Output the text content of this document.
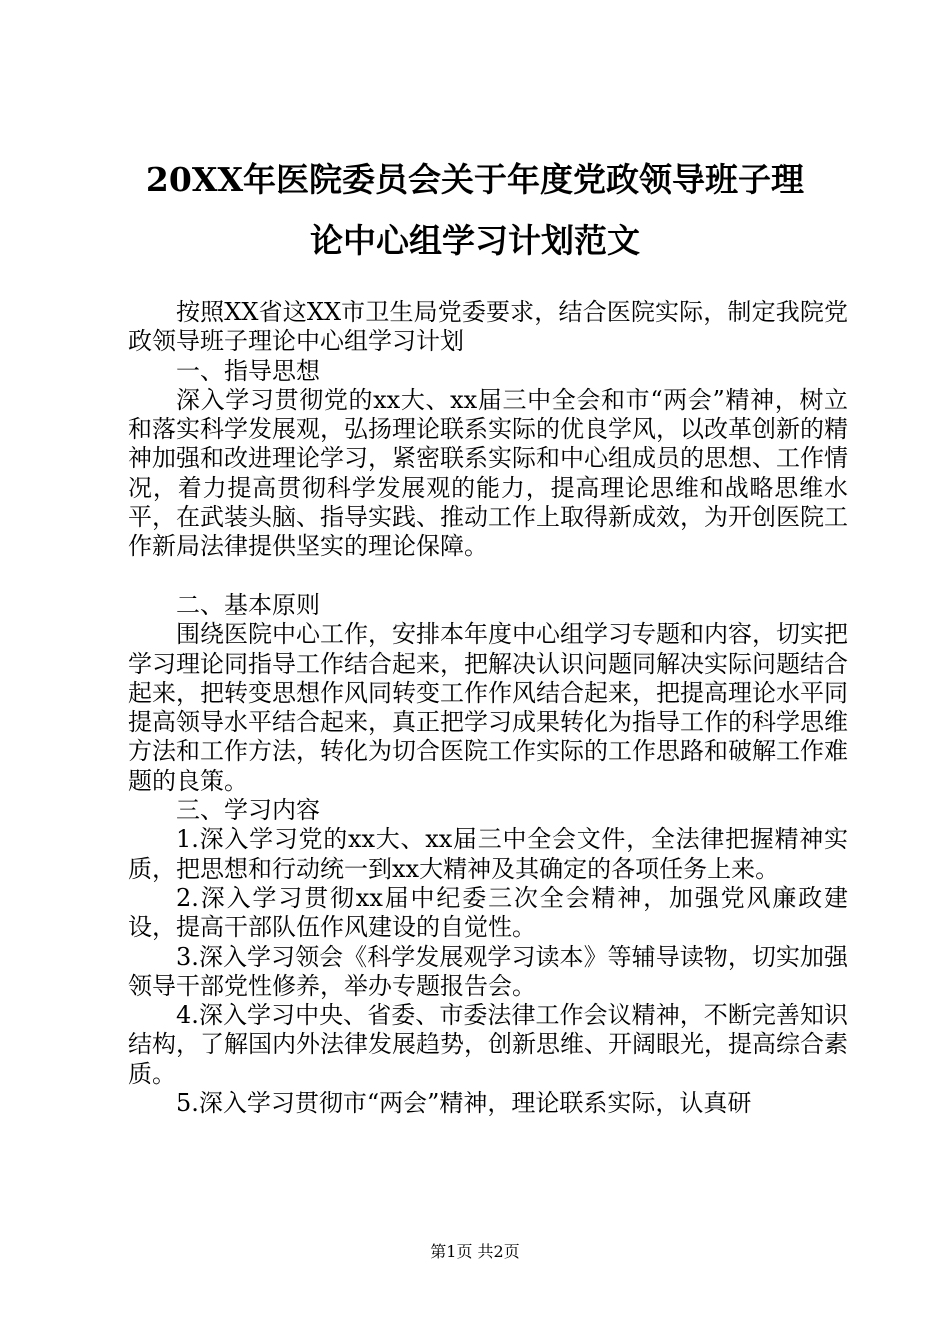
20XX年医院委员会关于年度党政领导班子理
论中心组学习计划范文

按照XX省这XX市卫生局党委要求，结合医院实际，制定我院党政领导班子理论中心组学习计划

一、指导思想

深入学习贯彻党的xx大、xx届三中全会和市“两会”精神，树立和落实科学发展观，弘扬理论联系实际的优良学风，以改革创新的精神加强和改进理论学习，紧密联系实际和中心组成员的思想、工作情况，着力提高贯彻科学发展观的能力，提高理论思维和战略思维水平，在武装头脑、指导实践、推动工作上取得新成效，为开创医院工作新局法律提供坚实的理论保障。

二、基本原则

围绕医院中心工作，安排本年度中心组学习专题和内容，切实把学习理论同指导工作结合起来，把解决认识问题同解决实际问题结合起来，把转变思想作风同转变工作作风结合起来，把提高理论水平同提高领导水平结合起来，真正把学习成果转化为指导工作的科学思维方法和工作方法，转化为切合医院工作实际的工作思路和破解工作难题的良策。

三、学习内容

1.深入学习党的xx大、xx届三中全会文件，全法律把握精神实质，把思想和行动统一到xx大精神及其确定的各项任务上来。

2.深入学习贯彻xx届中纪委三次全会精神，加强党风廉政建设，提高干部队伍作风建设的自觉性。

3.深入学习领会《科学发展观学习读本》等辅导读物，切实加强领导干部党性修养，举办专题报告会。

4.深入学习中央、省委、市委法律工作会议精神，不断完善知识结构，了解国内外法律发展趋势，创新思维、开阔眼光，提高综合素质。

5.深入学习贯彻市“两会”精神，理论联系实际，认真研

第1页 共2页
